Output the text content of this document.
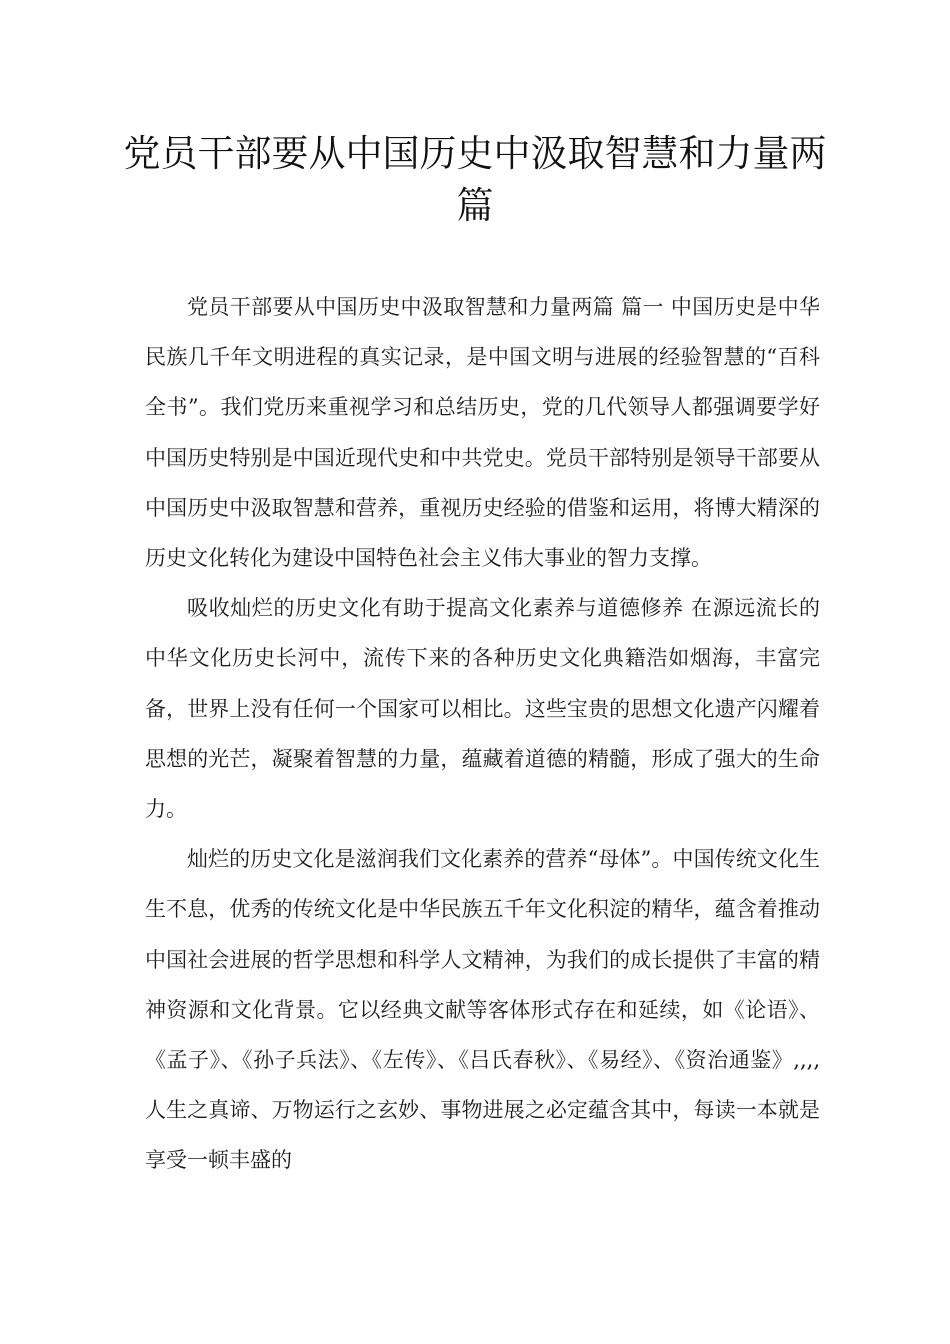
党员干部要从中国历史中汲取智慧和力量两篇

党员干部要从中国历史中汲取智慧和力量两篇 篇一 中国历史是中华民族几千年文明进程的真实记录，是中国文明与进展的经验智慧的“百科全书”。我们党历来重视学习和总结历史，党的几代领导人都强调要学好中国历史特别是中国近现代史和中共党史。党员干部特别是领导干部要从中国历史中汲取智慧和营养，重视历史经验的借鉴和运用，将博大精深的历史文化转化为建设中国特色社会主义伟大事业的智力支撑。

吸收灿烂的历史文化有助于提高文化素养与道德修养 在源远流长的中华文化历史长河中，流传下来的各种历史文化典籍浩如烟海，丰富完备，世界上没有任何一个国家可以相比。这些宝贵的思想文化遗产闪耀着思想的光芒，凝聚着智慧的力量，蕴藏着道德的精髓，形成了强大的生命力。

灿烂的历史文化是滋润我们文化素养的营养“母体”。中国传统文化生生不息，优秀的传统文化是中华民族五千年文化积淀的精华，蕴含着推动中国社会进展的哲学思想和科学人文精神，为我们的成长提供了丰富的精神资源和文化背景。它以经典文献等客体形式存在和延续，如《论语》、《孟子》、《孙子兵法》、《左传》、《吕氏春秋》、《易经》、《资治通鉴》,,,,人生之真谛、万物运行之玄妙、事物进展之必定蕴含其中，每读一本就是享受一顿丰盛的
